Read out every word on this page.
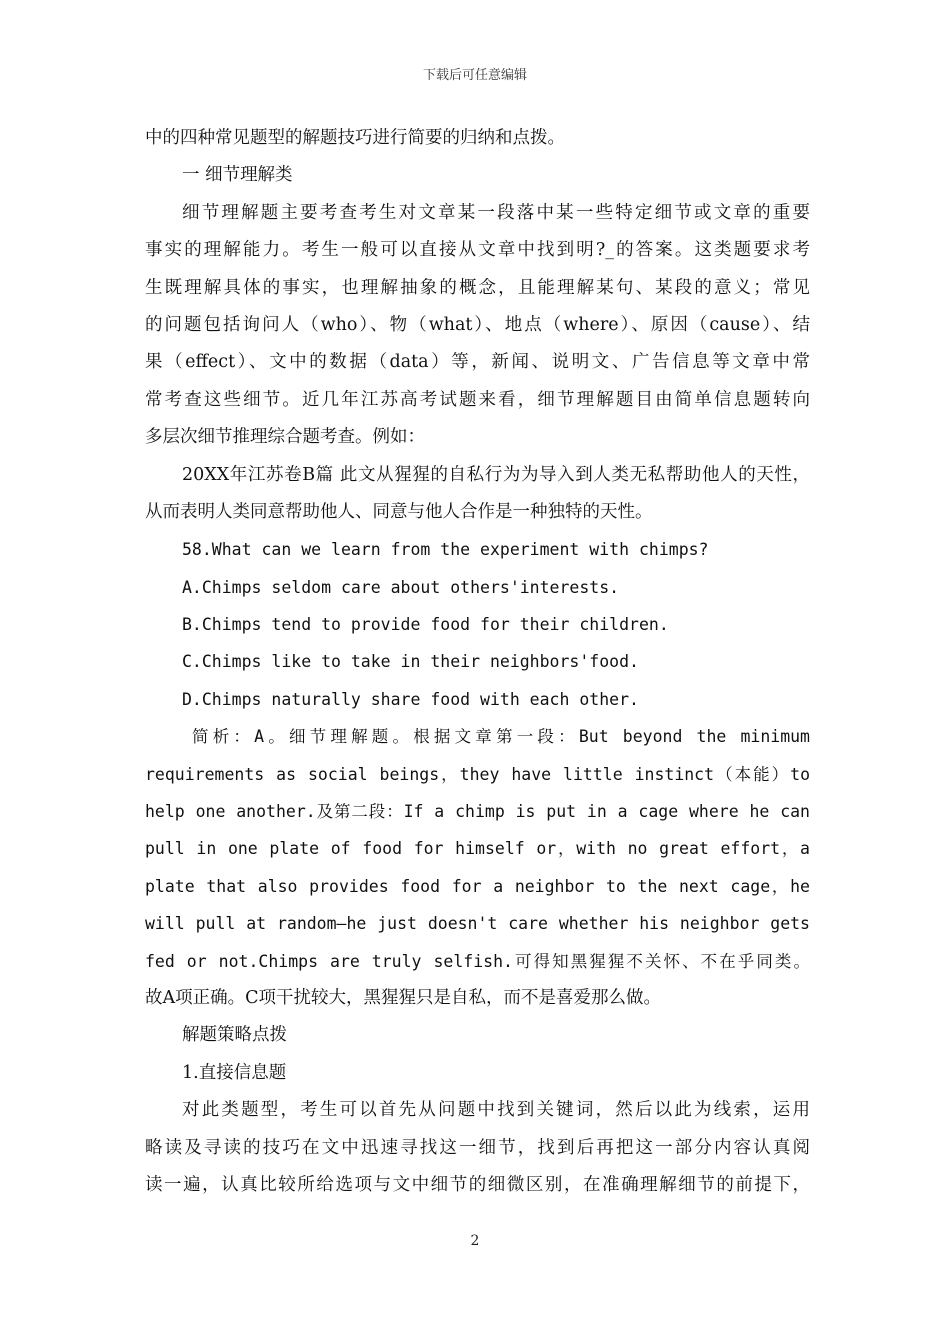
下载后可任意编辑
中的四种常见题型的解题技巧进行简要的归纳和点拨。
一 细节理解类
细节理解题主要考查考生对文章某一段落中某一些特定细节或文章的重要
事实的理解能力。考生一般可以直接从文章中找到明?_的答案。这类题要求考
生既理解具体的事实，也理解抽象的概念，且能理解某句、某段的意义；常见
的问题包括询问人（who）、物（what）、地点（where）、原因（cause）、结
果（effect）、文中的数据（data）等，新闻、说明文、广告信息等文章中常
常考查这些细节。近几年江苏高考试题来看，细节理解题目由简单信息题转向
多层次细节推理综合题考查。例如：
20XX年江苏卷B篇 此文从猩猩的自私行为为导入到人类无私帮助他人的天性，
从而表明人类同意帮助他人、同意与他人合作是一种独特的天性。
58.What can we learn from the experiment with chimps?
A.Chimps seldom care about others'interests.
B.Chimps tend to provide food for their children.
C.Chimps like to take in their neighbors'food.
D.Chimps naturally share food with each other.
简析：A。细节理解题。根据文章第一段：But beyond the minimum
requirements as social beings，they have little instinct（本能）to
help one another.及第二段：If a chimp is put in a cage where he can
pull in one plate of food for himself or，with no great effort，a
plate that also provides food for a neighbor to the next cage，he
will pull at random—he just doesn't care whether his neighbor gets
fed or not.Chimps are truly selfish.可得知黑猩猩不关怀、不在乎同类。
故A项正确。C项干扰较大，黑猩猩只是自私，而不是喜爱那么做。
解题策略点拨
1.直接信息题
对此类题型，考生可以首先从问题中找到关键词，然后以此为线索，运用
略读及寻读的技巧在文中迅速寻找这一细节，找到后再把这一部分内容认真阅
读一遍，认真比较所给选项与文中细节的细微区别，在准确理解细节的前提下，
2
